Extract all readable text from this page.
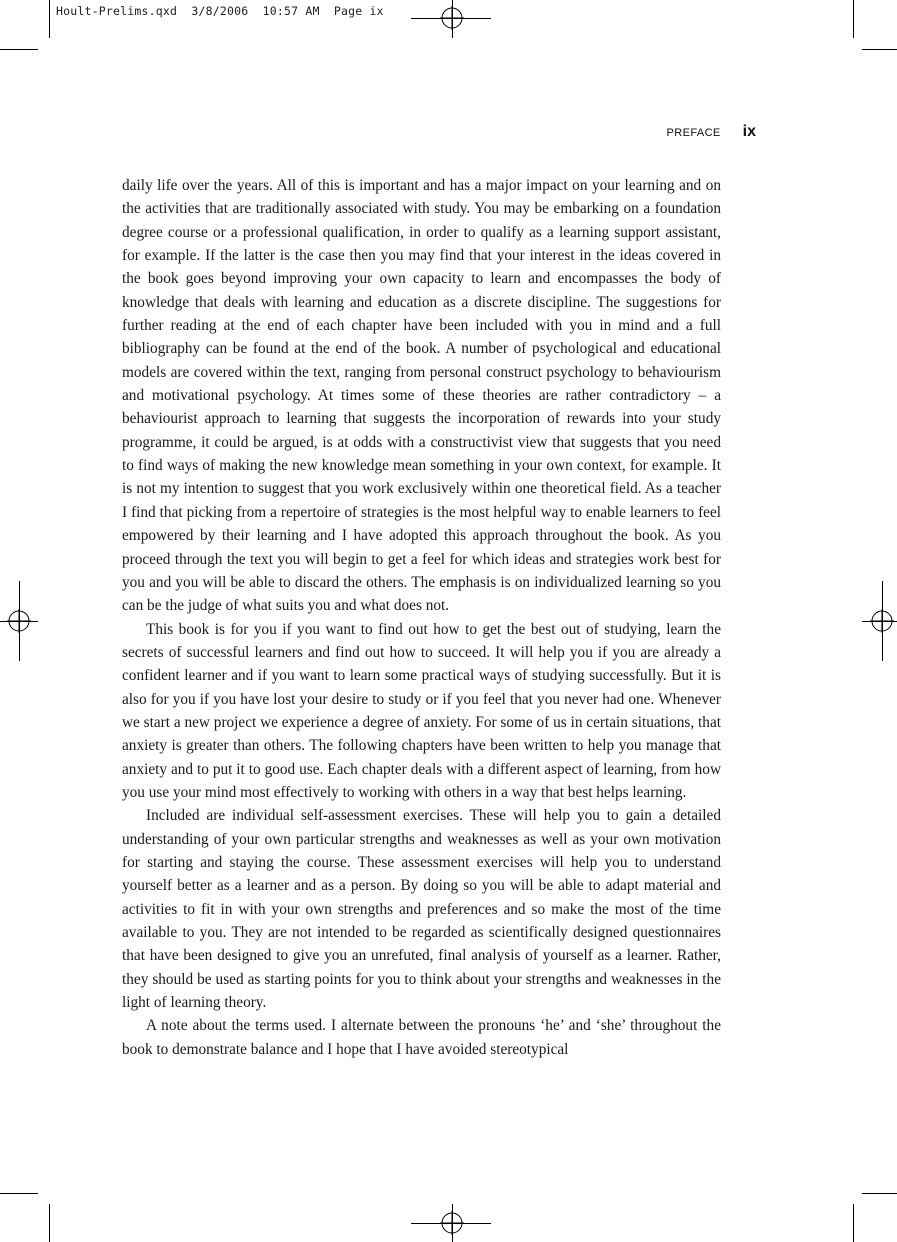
Hoult-Prelims.qxd  3/8/2006  10:57 AM  Page ix
PREFACE ix

daily life over the years. All of this is important and has a major impact on your learning and on the activities that are traditionally associated with study. You may be embarking on a foundation degree course or a professional qualification, in order to qualify as a learning support assistant, for example. If the latter is the case then you may find that your interest in the ideas covered in the book goes beyond improving your own capacity to learn and encompasses the body of knowledge that deals with learning and education as a discrete discipline. The suggestions for further reading at the end of each chapter have been included with you in mind and a full bibliography can be found at the end of the book. A number of psychological and educational models are covered within the text, ranging from personal construct psychology to behaviourism and motivational psychology. At times some of these theories are rather contradictory – a behaviourist approach to learning that suggests the incorporation of rewards into your study programme, it could be argued, is at odds with a constructivist view that suggests that you need to find ways of making the new knowledge mean something in your own context, for example. It is not my intention to suggest that you work exclusively within one theoretical field. As a teacher I find that picking from a repertoire of strategies is the most helpful way to enable learners to feel empowered by their learning and I have adopted this approach throughout the book. As you proceed through the text you will begin to get a feel for which ideas and strategies work best for you and you will be able to discard the others. The emphasis is on individualized learning so you can be the judge of what suits you and what does not.

This book is for you if you want to find out how to get the best out of studying, learn the secrets of successful learners and find out how to succeed. It will help you if you are already a confident learner and if you want to learn some practical ways of studying successfully. But it is also for you if you have lost your desire to study or if you feel that you never had one. Whenever we start a new project we experience a degree of anxiety. For some of us in certain situations, that anxiety is greater than others. The following chapters have been written to help you manage that anxiety and to put it to good use. Each chapter deals with a different aspect of learning, from how you use your mind most effectively to working with others in a way that best helps learning.

Included are individual self-assessment exercises. These will help you to gain a detailed understanding of your own particular strengths and weaknesses as well as your own motivation for starting and staying the course. These assessment exercises will help you to understand yourself better as a learner and as a person. By doing so you will be able to adapt material and activities to fit in with your own strengths and preferences and so make the most of the time available to you. They are not intended to be regarded as scientifically designed questionnaires that have been designed to give you an unrefuted, final analysis of yourself as a learner. Rather, they should be used as starting points for you to think about your strengths and weaknesses in the light of learning theory.

A note about the terms used. I alternate between the pronouns ‘he’ and ‘she’ throughout the book to demonstrate balance and I hope that I have avoided stereotypical
